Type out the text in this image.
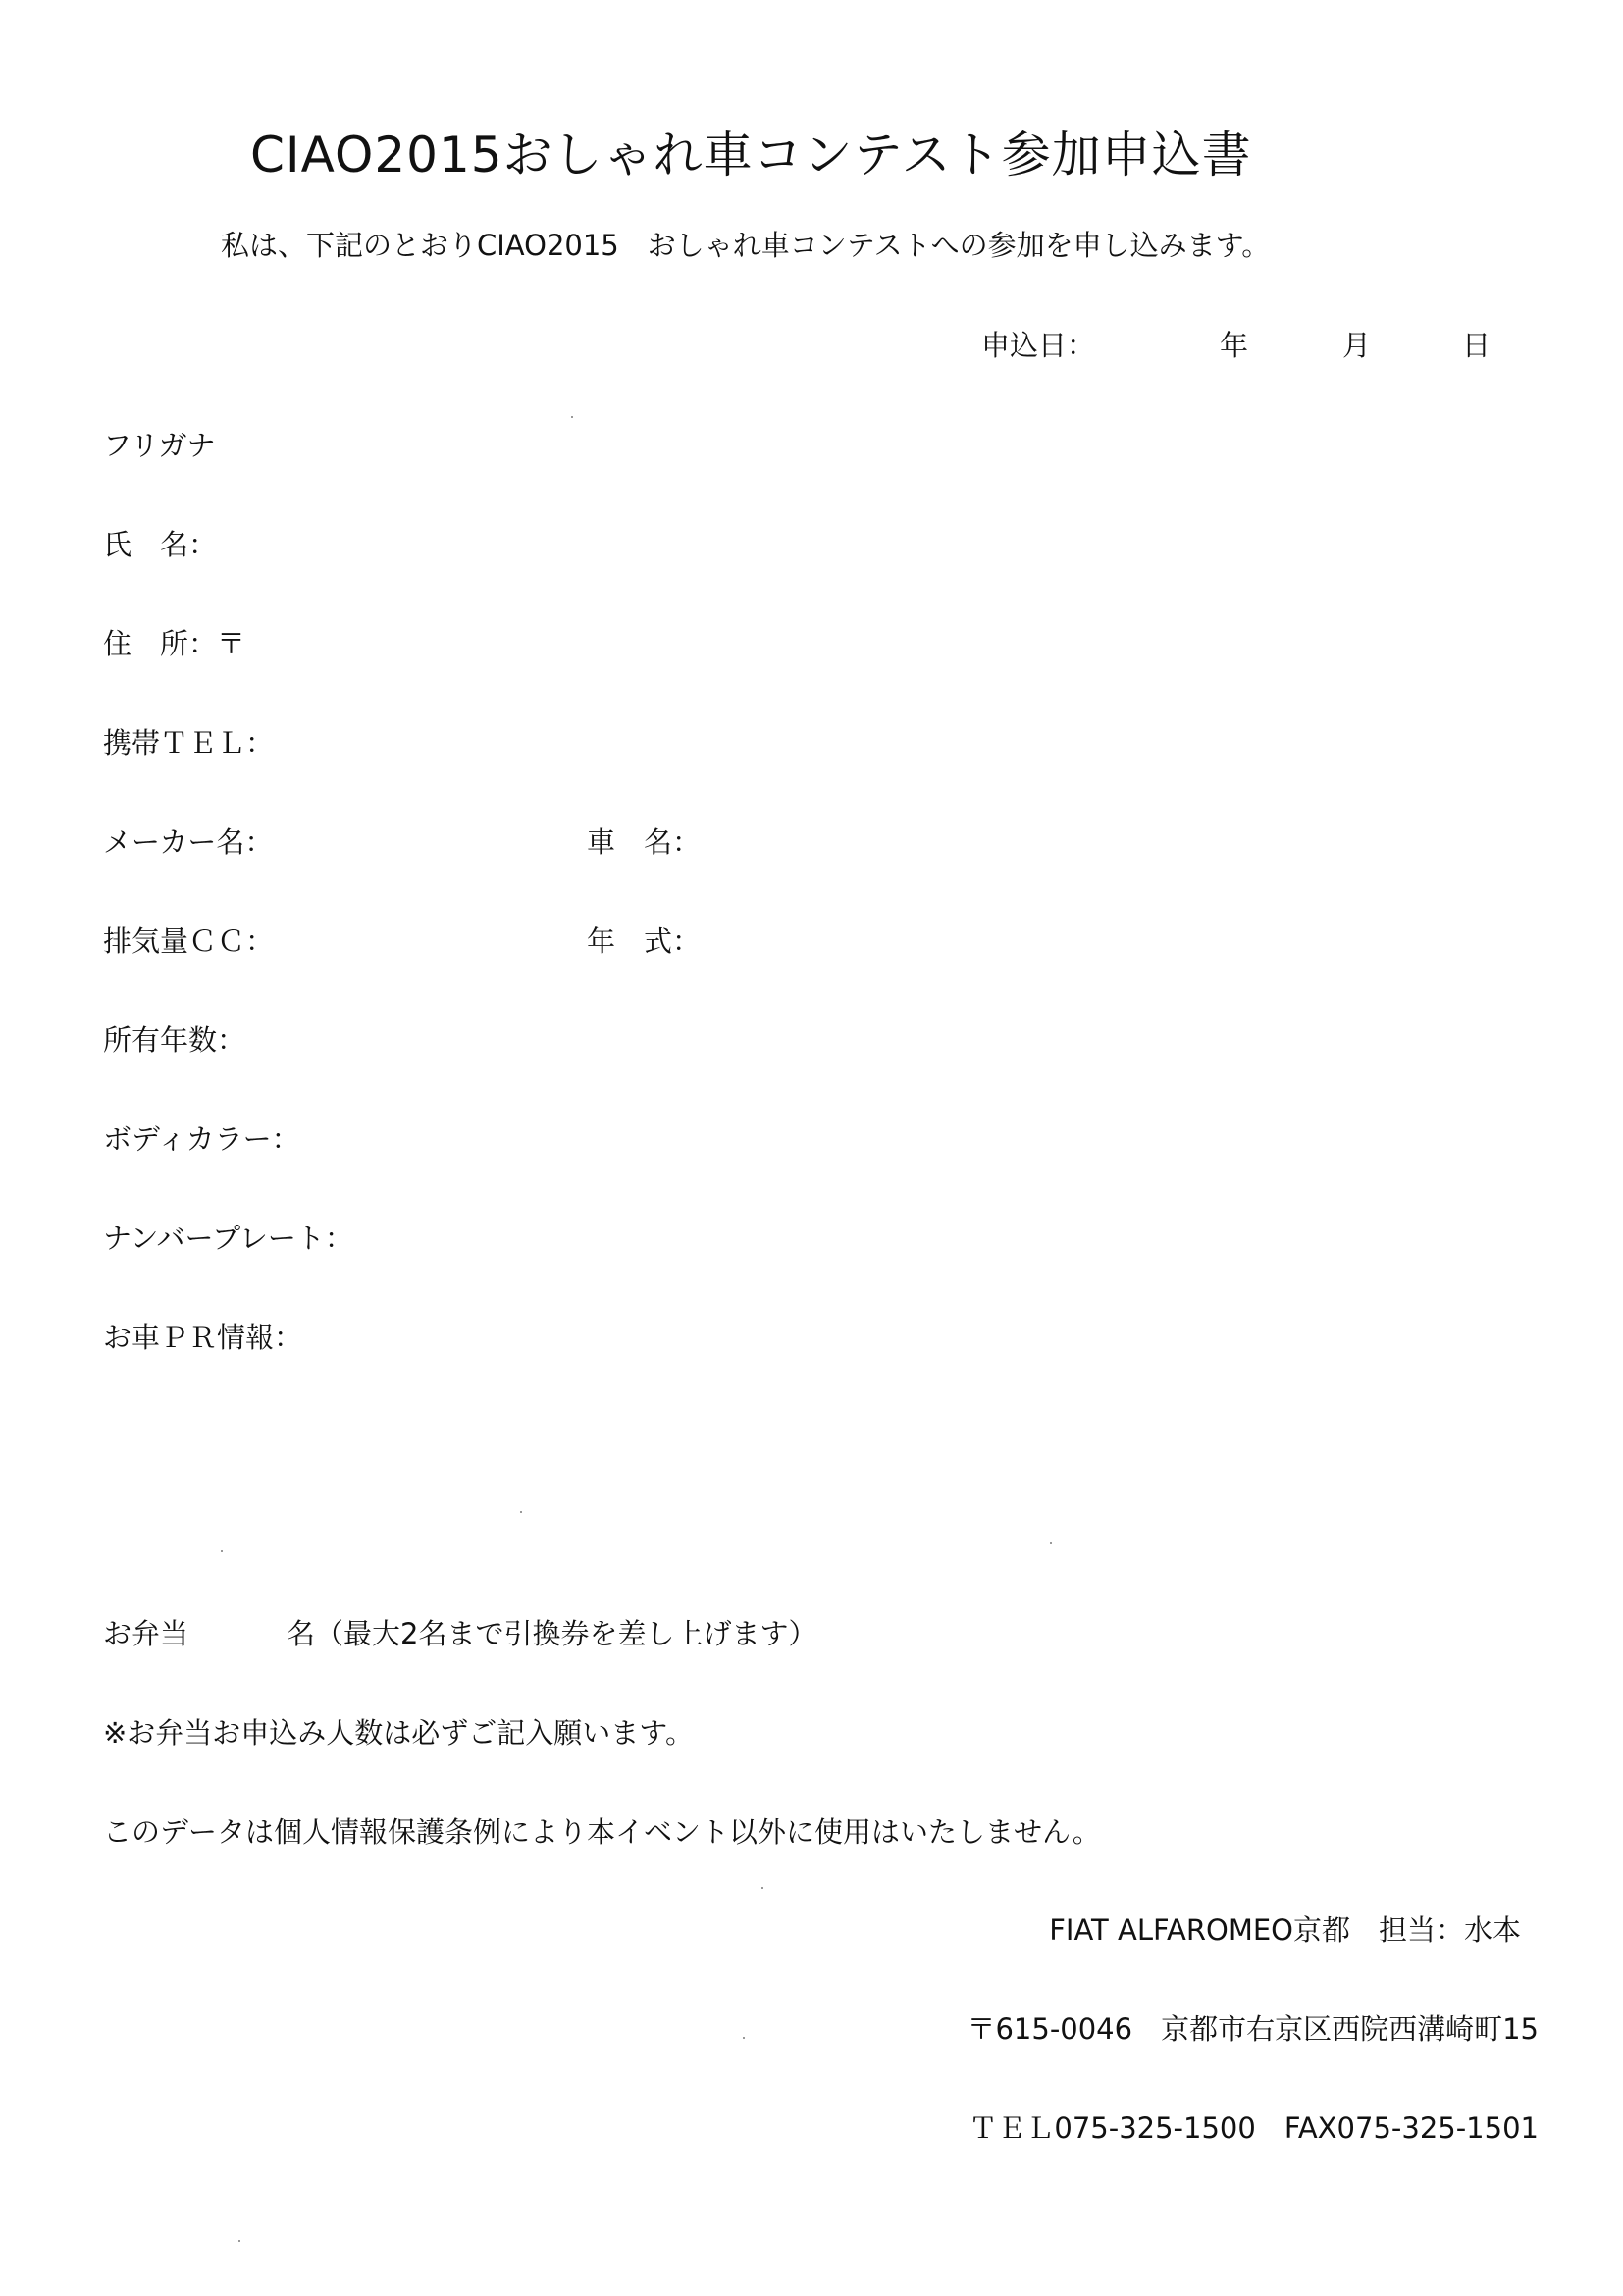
CIAO2015おしゃれ車コンテスト参加申込書
私は、下記のとおりCIAO2015　おしゃれ車コンテストへの参加を申し込みます。
申込日：	年	月	日
フリガナ
氏　名：
住　所：〒
携帯ＴＥＬ：
メーカー名：	車　名：
排気量ＣＣ：	年　式：
所有年数：
ボディカラー：
ナンバープレート：
お車ＰＲ情報：
お弁当	名（最大2名まで引換券を差し上げます）
※お弁当お申込み人数は必ずご記入願います。
このデータは個人情報保護条例により本イベント以外に使用はいたしません。
FIAT ALFAROMEO京都　担当：水本
〒615-0046　京都市右京区西院西溝崎町15
ＴＥＬ075-325-1500　FAX075-325-1501
